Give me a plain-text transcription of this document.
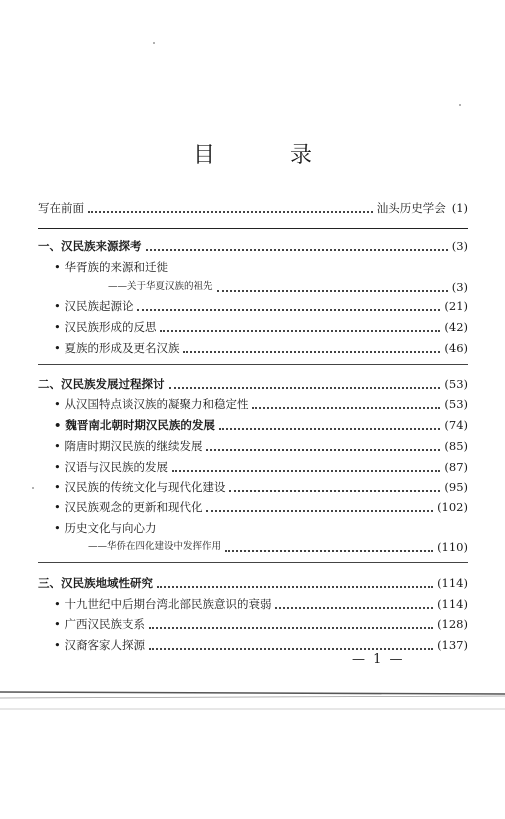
目 录
写在前面	汕头历史学会 (1)
一、汉民族来源探考	(3)
• 华胥族的来源和迁徙
——关于华夏汉族的祖先	(3)
• 汉民族起源论	(21)
• 汉民族形成的反思	(42)
• 夏族的形成及更名汉族	(46)
二、汉民族发展过程探讨	(53)
• 从汉国特点谈汉族的凝聚力和稳定性	(53)
• 魏晋南北朝时期汉民族的发展	(74)
• 隋唐时期汉民族的继续发展	(85)
• 汉语与汉民族的发展	(87)
• 汉民族的传统文化与现代化建设	(95)
• 汉民族观念的更新和现代化	(102)
• 历史文化与向心力
——华侨在四化建设中发挥作用	(110)
三、汉民族地域性研究	(114)
• 十九世纪中后期台湾北部民族意识的衰弱	(114)
• 广西汉民族支系	(128)
• 汉裔客家人探源	(137)
— 1 —
